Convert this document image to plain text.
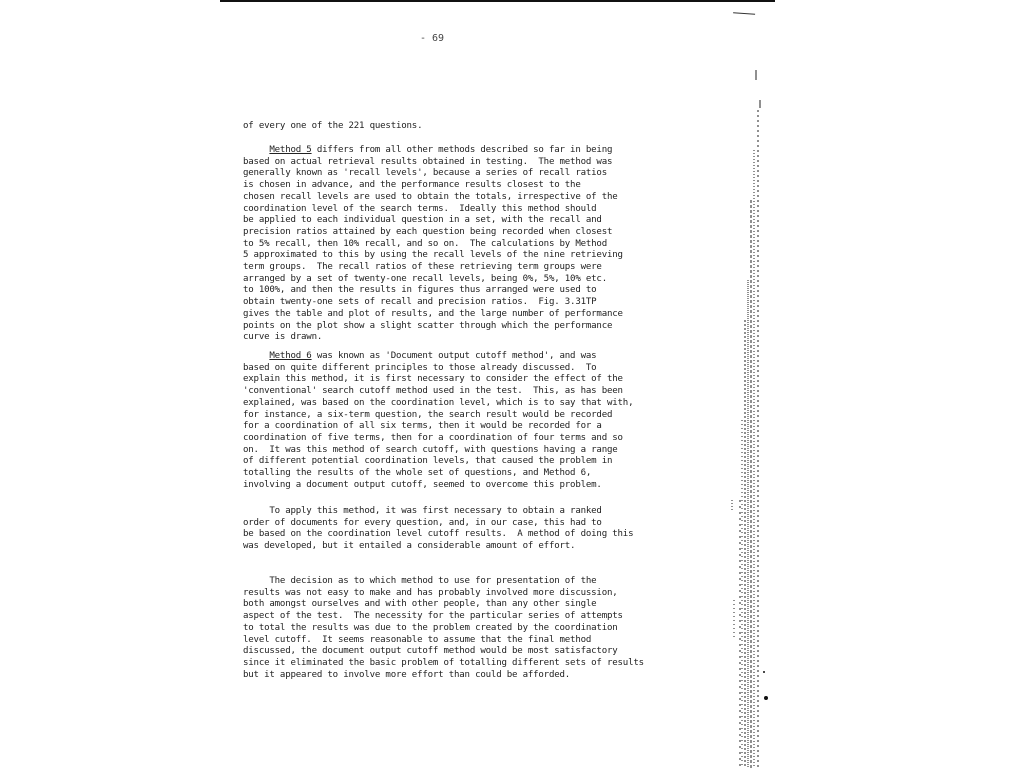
- 69
of every one of the 221 questions.
Method 5 differs from all other methods described so far in being
based on actual retrieval results obtained in testing.  The method was
generally known as 'recall levels', because a series of recall ratios
is chosen in advance, and the performance results closest to the
chosen recall levels are used to obtain the totals, irrespective of the
coordination level of the search terms.  Ideally this method should
be applied to each individual question in a set, with the recall and
precision ratios attained by each question being recorded when closest
to 5% recall, then 10% recall, and so on.  The calculations by Method
5 approximated to this by using the recall levels of the nine retrieving
term groups.  The recall ratios of these retrieving term groups were
arranged by a set of twenty-one recall levels, being 0%, 5%, 10% etc.
to 100%, and then the results in figures thus arranged were used to
obtain twenty-one sets of recall and precision ratios.  Fig. 3.31TP
gives the table and plot of results, and the large number of performance
points on the plot show a slight scatter through which the performance
curve is drawn.
Method 6 was known as 'Document output cutoff method', and was
based on quite different principles to those already discussed.  To
explain this method, it is first necessary to consider the effect of the
'conventional' search cutoff method used in the test.  This, as has been
explained, was based on the coordination level, which is to say that with,
for instance, a six-term question, the search result would be recorded
for a coordination of all six terms, then it would be recorded for a
coordination of five terms, then for a coordination of four terms and so
on.  It was this method of search cutoff, with questions having a range
of different potential coordination levels, that caused the problem in
totalling the results of the whole set of questions, and Method 6,
involving a document output cutoff, seemed to overcome this problem.
To apply this method, it was first necessary to obtain a ranked
order of documents for every question, and, in our case, this had to
be based on the coordination level cutoff results.  A method of doing this
was developed, but it entailed a considerable amount of effort.
The decision as to which method to use for presentation of the
results was not easy to make and has probably involved more discussion,
both amongst ourselves and with other people, than any other single
aspect of the test.  The necessity for the particular series of attempts
to total the results was due to the problem created by the coordination
level cutoff.  It seems reasonable to assume that the final method
discussed, the document output cutoff method would be most satisfactory
since it eliminated the basic problem of totalling different sets of results
but it appeared to involve more effort than could be afforded.
